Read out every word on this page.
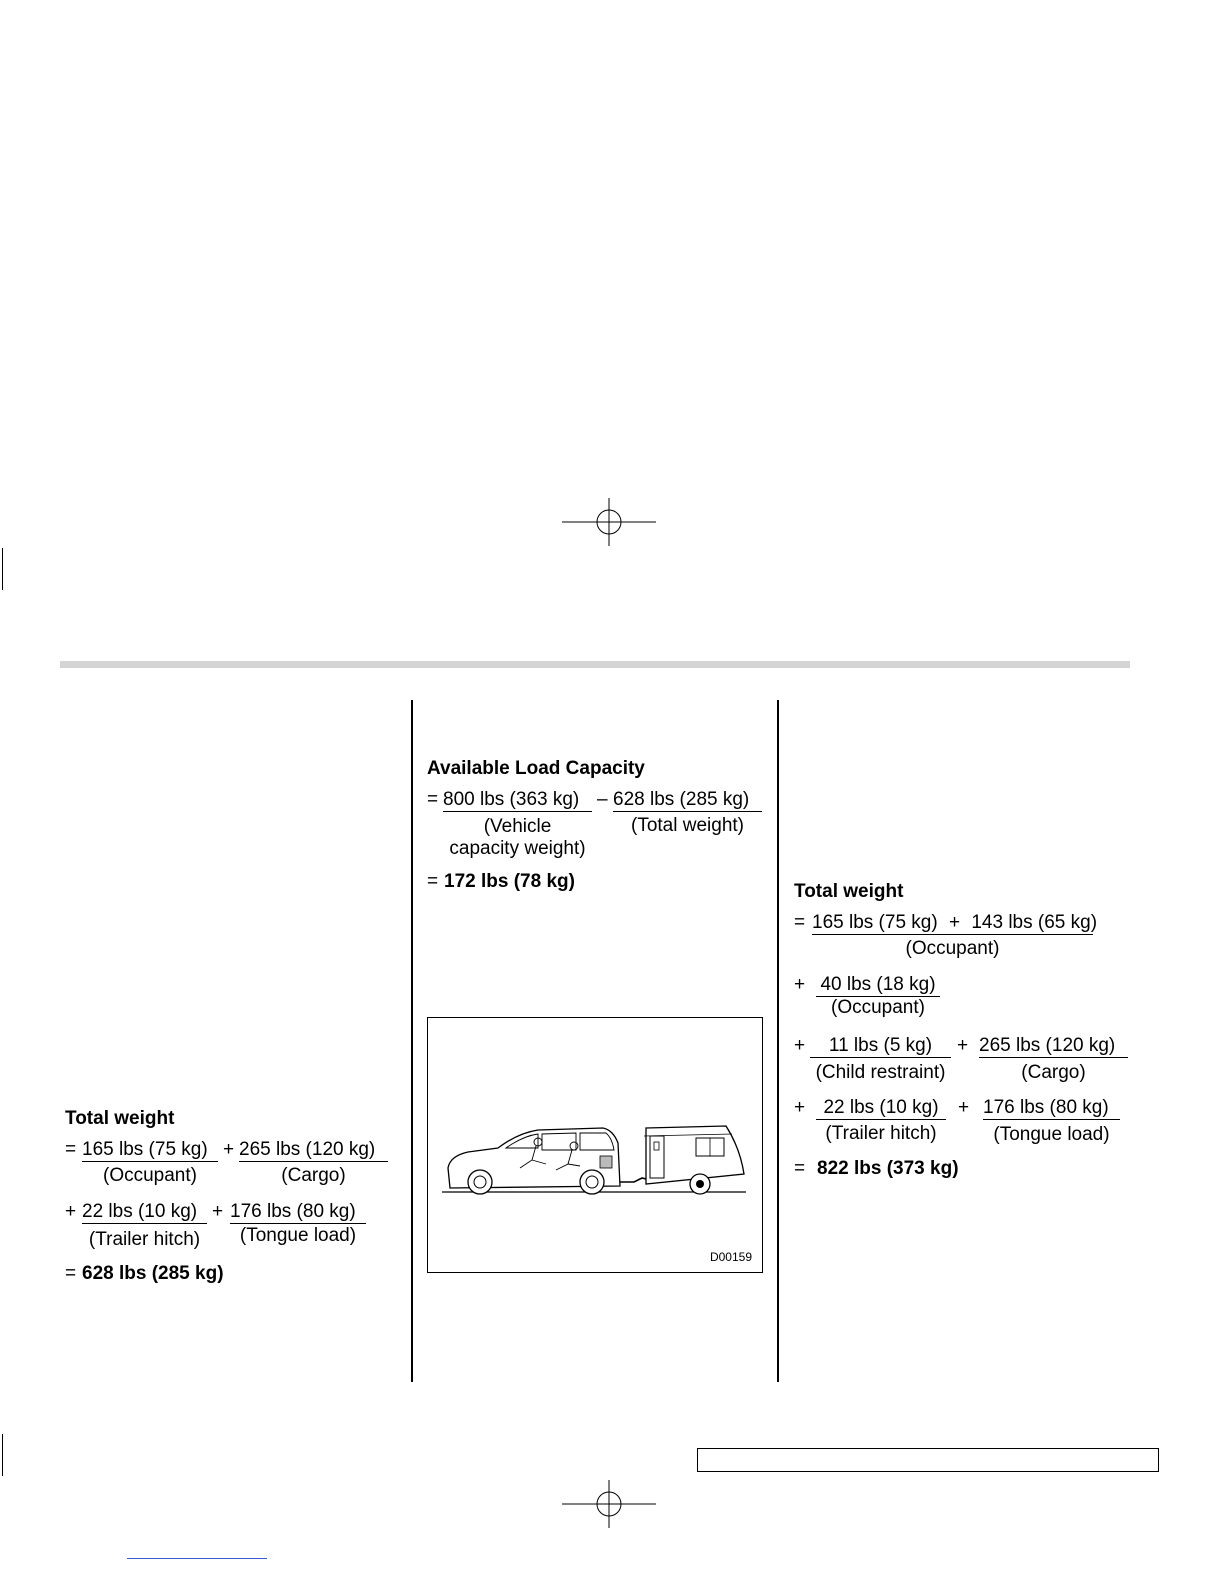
Total weight
= 165 lbs (75 kg)
(Occupant)
+ 265 lbs (120 kg)
(Cargo)
+ 22 lbs (10 kg)
(Trailer hitch)
+ 176 lbs (80 kg)
(Tongue load)
= 628 lbs (285 kg)
Available Load Capacity
= 800 lbs (363 kg)
(Vehicle
capacity weight)
– 628 lbs (285 kg)
(Total weight)
= 172 lbs (78 kg)
D00159
Total weight
= 165 lbs (75 kg) + 143 lbs (65 kg)
(Occupant)
+ 40 lbs (18 kg)
(Occupant)
+	11 lbs (5 kg)
(Child restraint)
+ 265 lbs (120 kg)
(Cargo)
+ 22 lbs (10 kg)
(Trailer hitch)
+ 176 lbs (80 kg)
(Tongue load)
= 822 lbs (373 kg)
